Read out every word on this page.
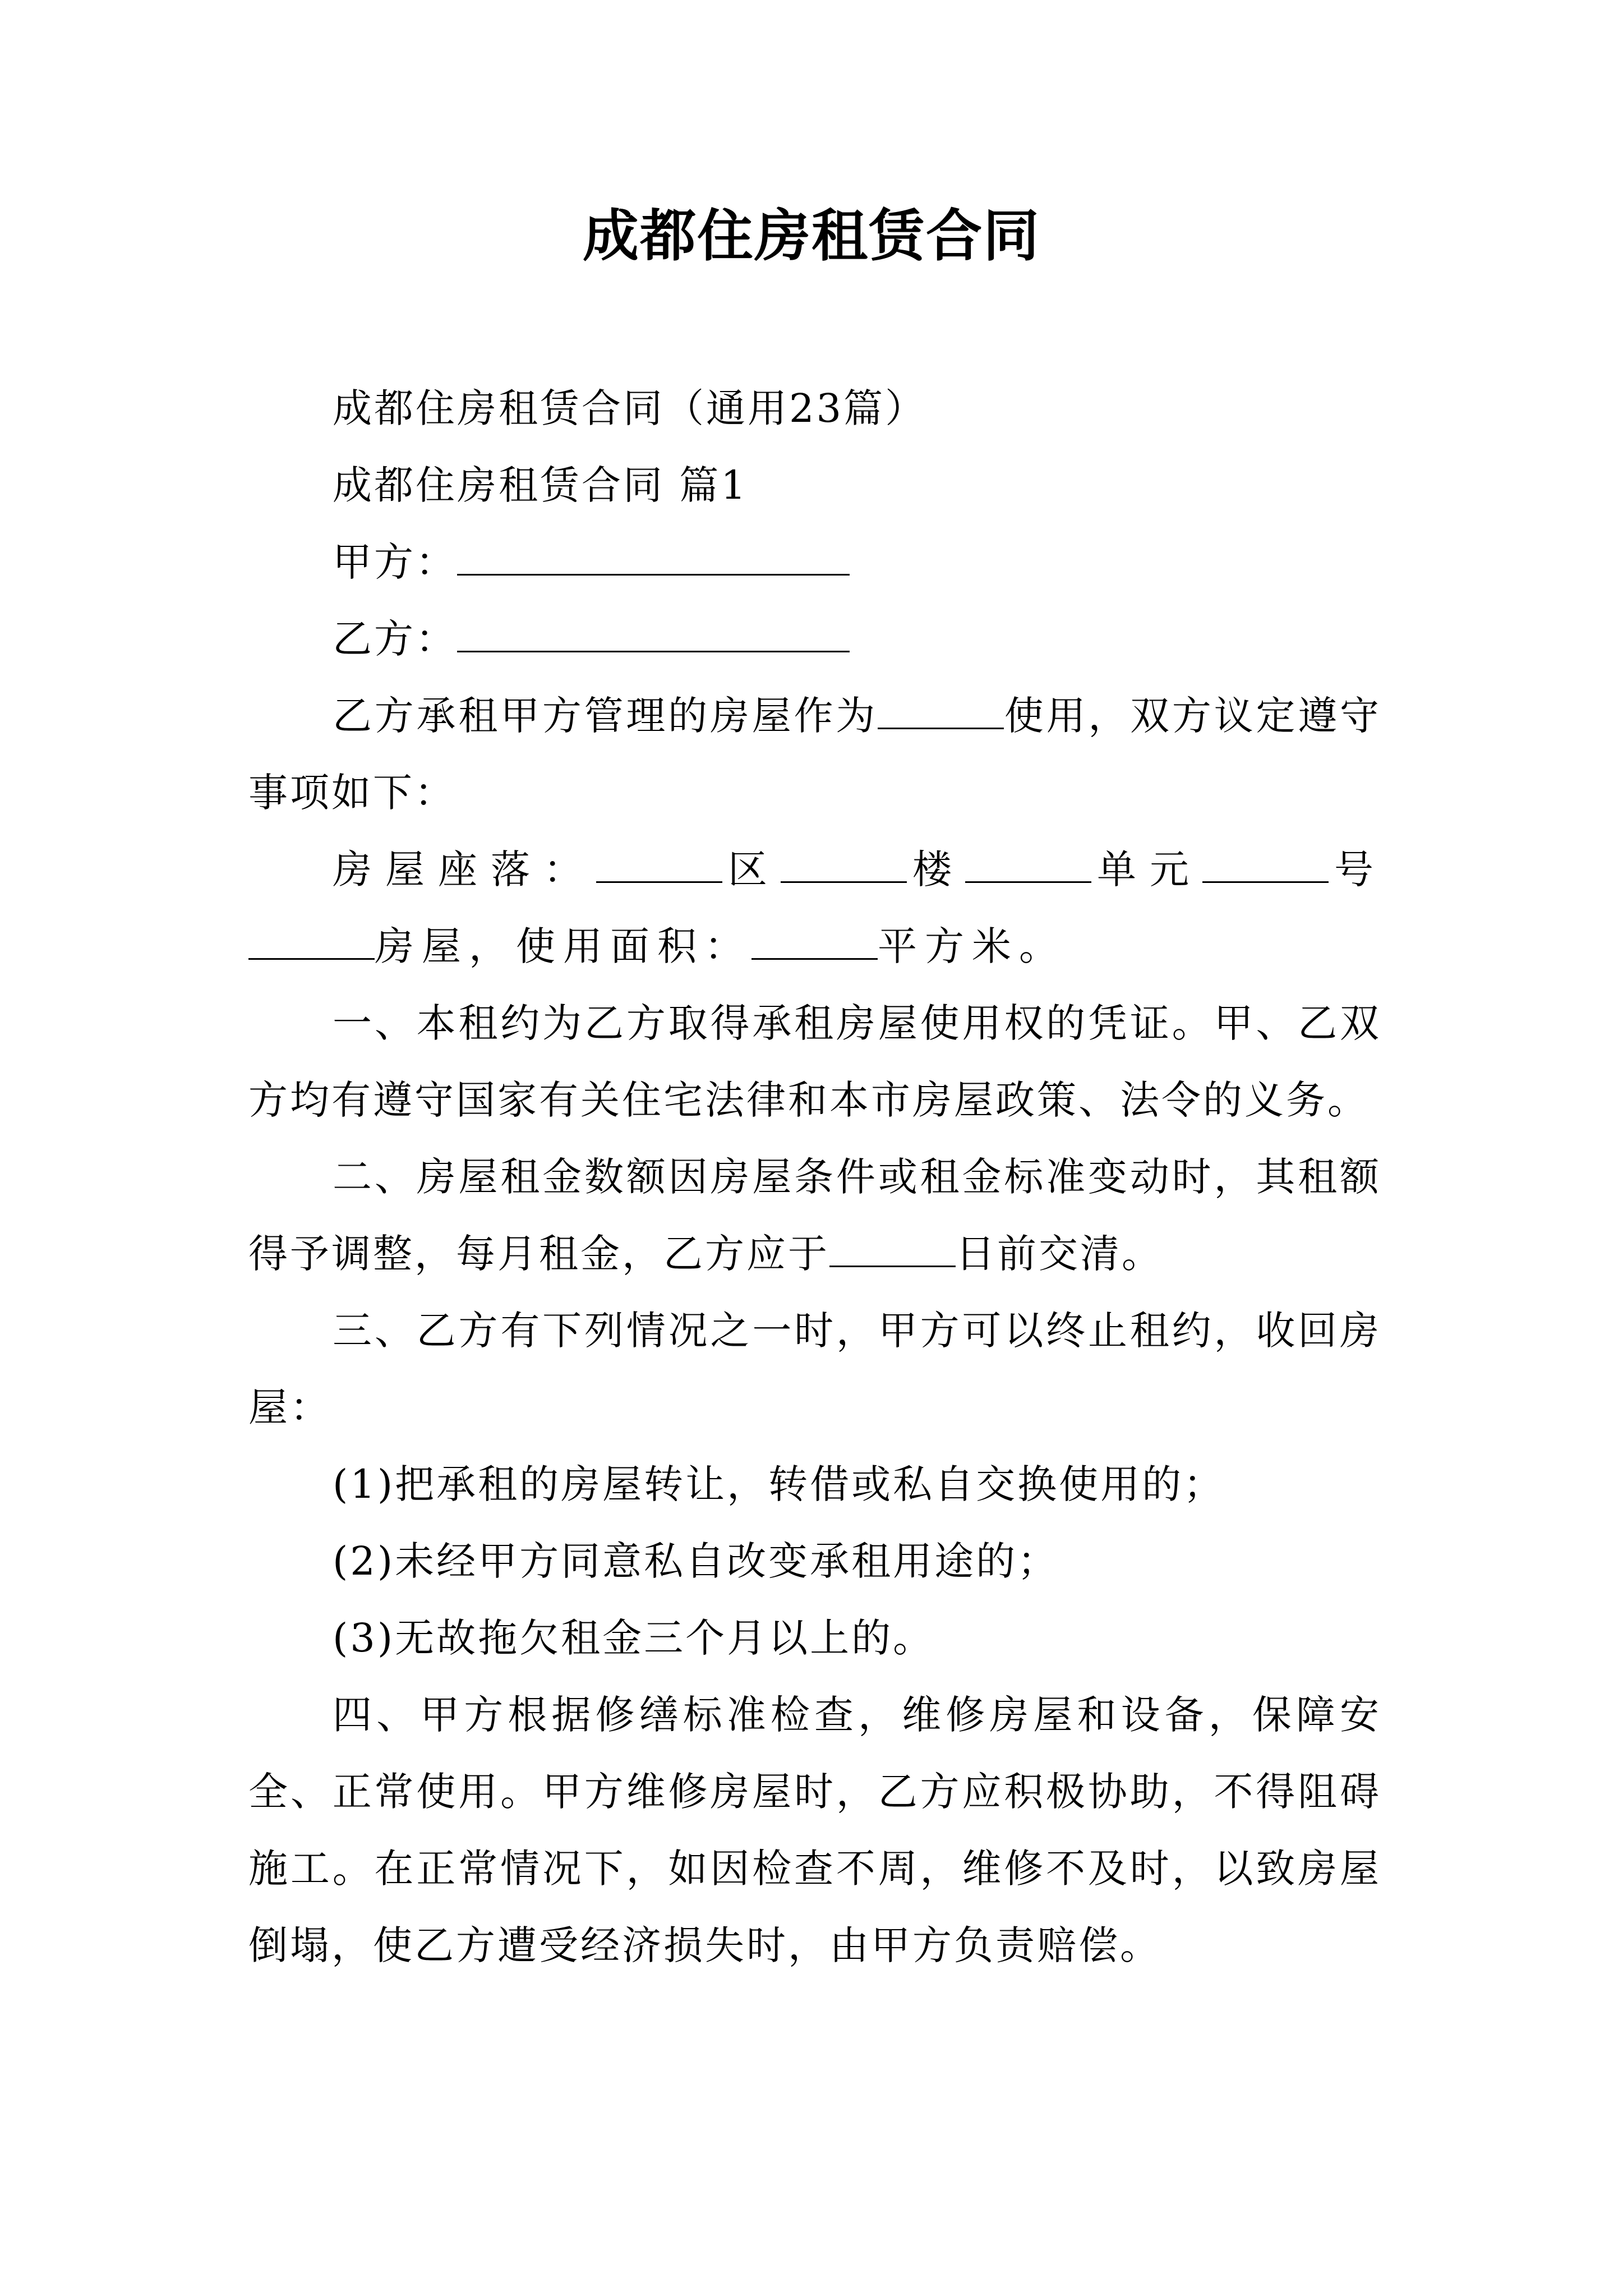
成都住房租赁合同

成都住房租赁合同（通用23篇）

成都住房租赁合同 篇1

甲方：

乙方：

乙方承租甲方管理的房屋作为	使用，双方议定遵守事项如下：

房屋座落：	区	楼	单元	号房屋，使用面积：	平方米。

一、本租约为乙方取得承租房屋使用权的凭证。甲、乙双方均有遵守国家有关住宅法律和本市房屋政策、法令的义务。

二、房屋租金数额因房屋条件或租金标准变动时，其租额得予调整，每月租金，乙方应于	日前交清。

三、乙方有下列情况之一时，甲方可以终止租约，收回房屋：

(1)把承租的房屋转让，转借或私自交换使用的；

(2)未经甲方同意私自改变承租用途的；

(3)无故拖欠租金三个月以上的。

四、甲方根据修缮标准检查，维修房屋和设备，保障安全、正常使用。甲方维修房屋时，乙方应积极协助，不得阻碍施工。在正常情况下，如因检查不周，维修不及时，以致房屋倒塌，使乙方遭受经济损失时，由甲方负责赔偿。
